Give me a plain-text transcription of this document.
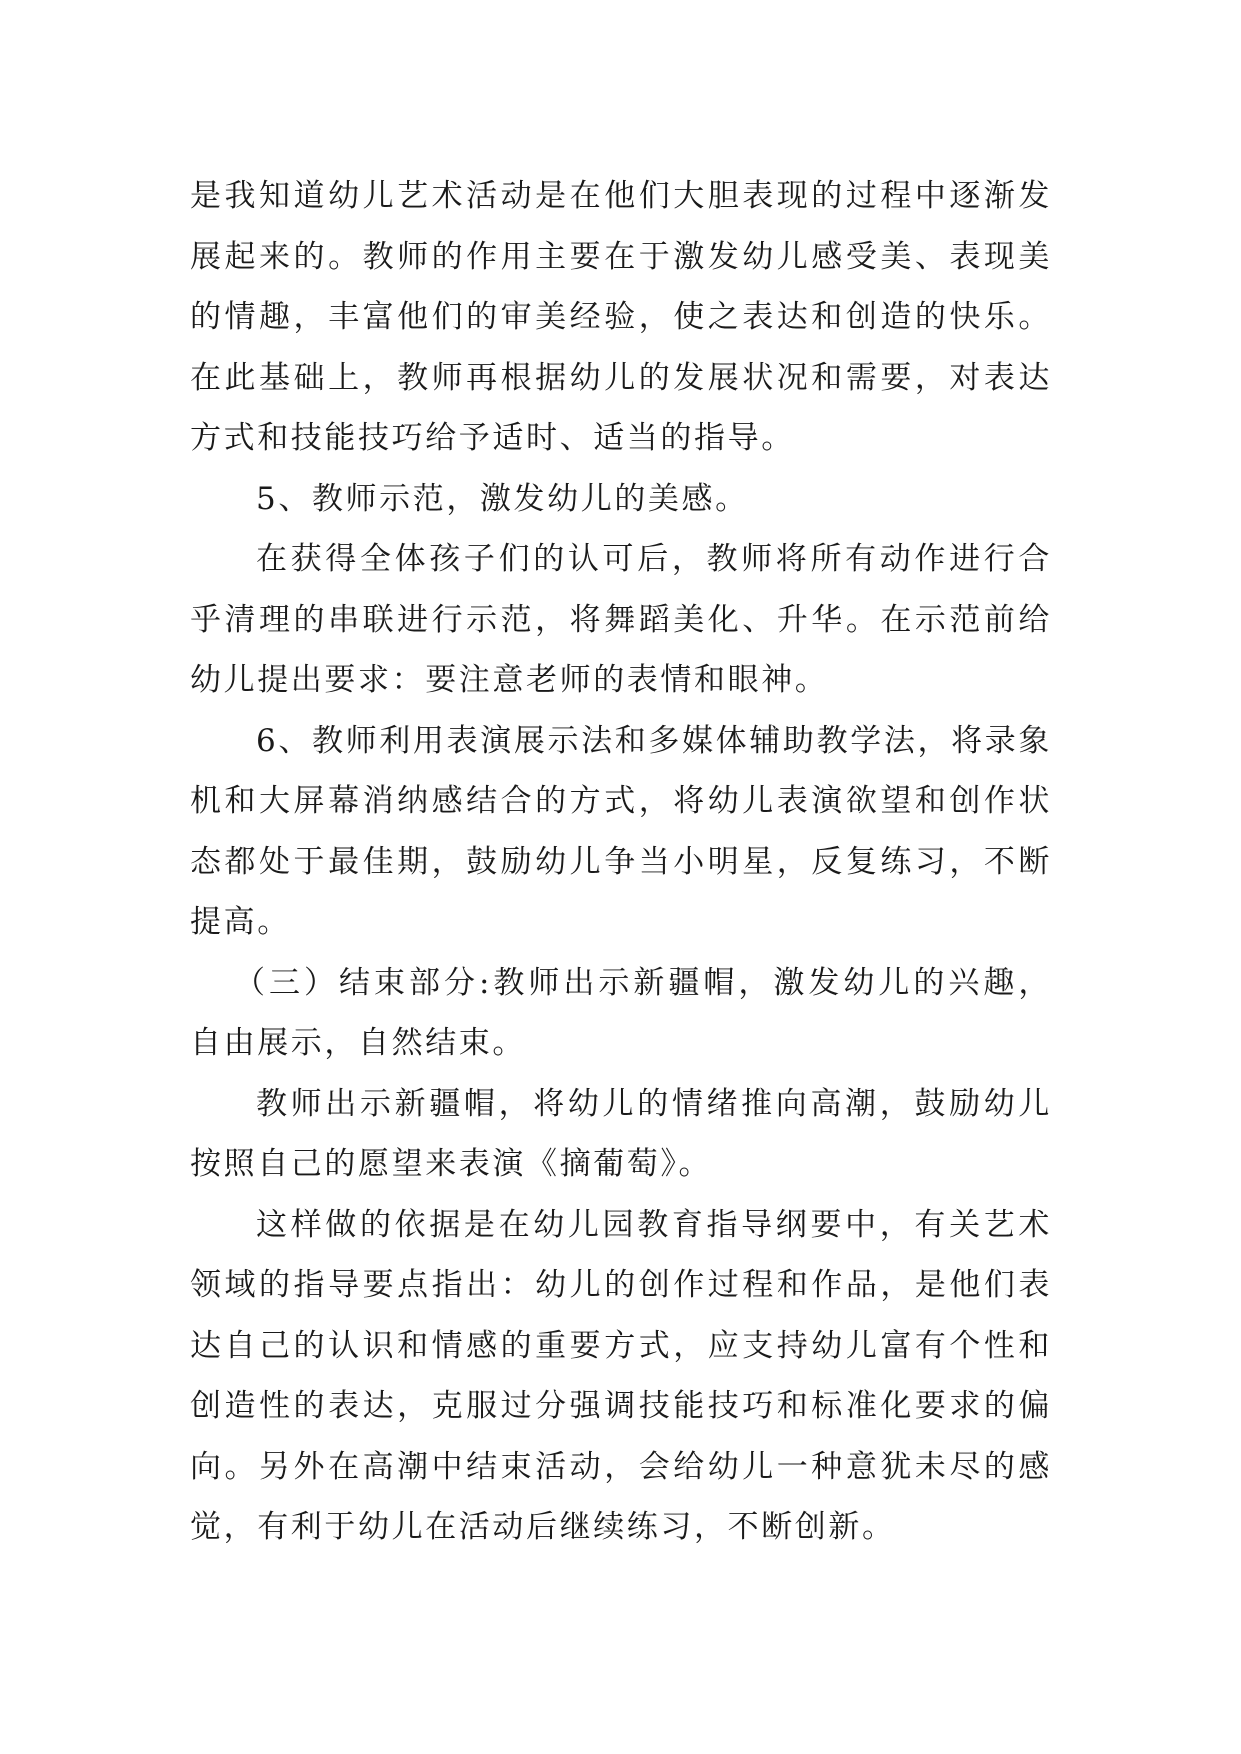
是我知道幼儿艺术活动是在他们大胆表现的过程中逐渐发展起来的。教师的作用主要在于激发幼儿感受美、表现美的情趣，丰富他们的审美经验，使之表达和创造的快乐。在此基础上，教师再根据幼儿的发展状况和需要，对表达方式和技能技巧给予适时、适当的指导。

5、教师示范，激发幼儿的美感。

在获得全体孩子们的认可后，教师将所有动作进行合乎清理的串联进行示范，将舞蹈美化、升华。在示范前给幼儿提出要求：要注意老师的表情和眼神。

6、教师利用表演展示法和多媒体辅助教学法，将录象机和大屏幕消纳感结合的方式，将幼儿表演欲望和创作状态都处于最佳期，鼓励幼儿争当小明星，反复练习，不断提高。

（三）结束部分:教师出示新疆帽，激发幼儿的兴趣，自由展示，自然结束。

教师出示新疆帽，将幼儿的情绪推向高潮，鼓励幼儿按照自己的愿望来表演《摘葡萄》。

这样做的依据是在幼儿园教育指导纲要中，有关艺术领域的指导要点指出：幼儿的创作过程和作品，是他们表达自己的认识和情感的重要方式，应支持幼儿富有个性和创造性的表达，克服过分强调技能技巧和标准化要求的偏向。另外在高潮中结束活动，会给幼儿一种意犹未尽的感觉，有利于幼儿在活动后继续练习，不断创新。
